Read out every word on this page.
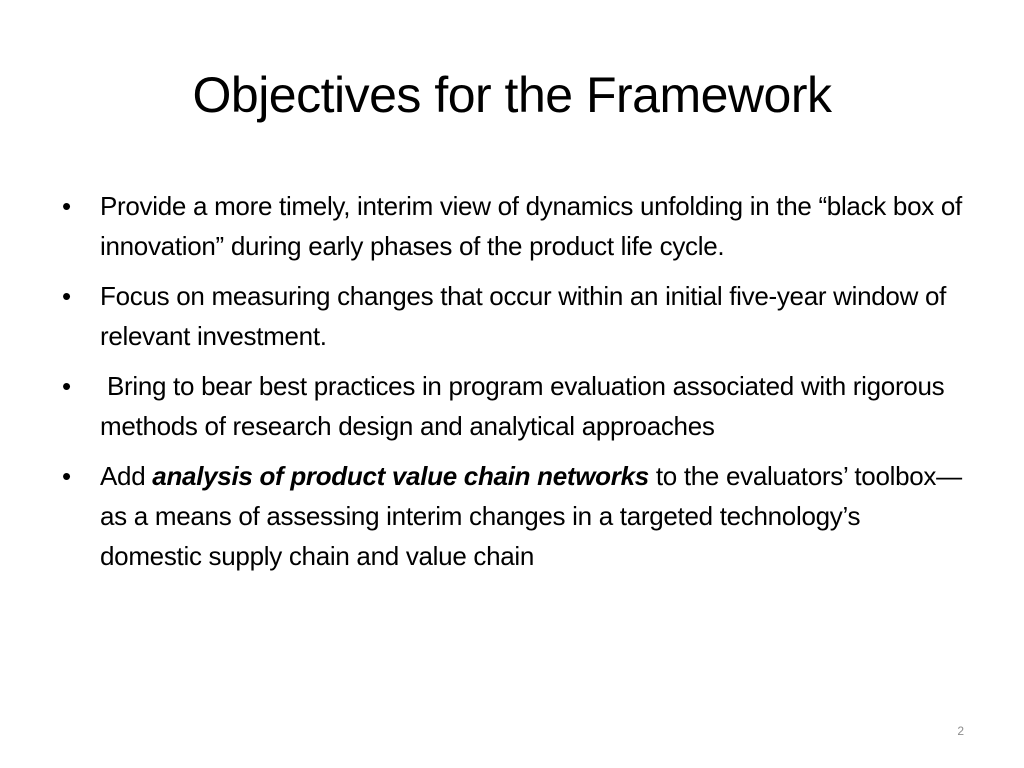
Objectives for the Framework
•	Provide a more timely, interim view of dynamics unfolding in the “black box of innovation” during early phases of the product life cycle.
•	Focus on measuring changes that occur within an initial five-year window of relevant investment.
•	Bring to bear best practices in program evaluation associated with rigorous methods of research design and analytical approaches
•	Add analysis of product value chain networks to the evaluators’ toolbox—as a means of assessing interim changes in a targeted technology’s domestic supply chain and value chain
2
